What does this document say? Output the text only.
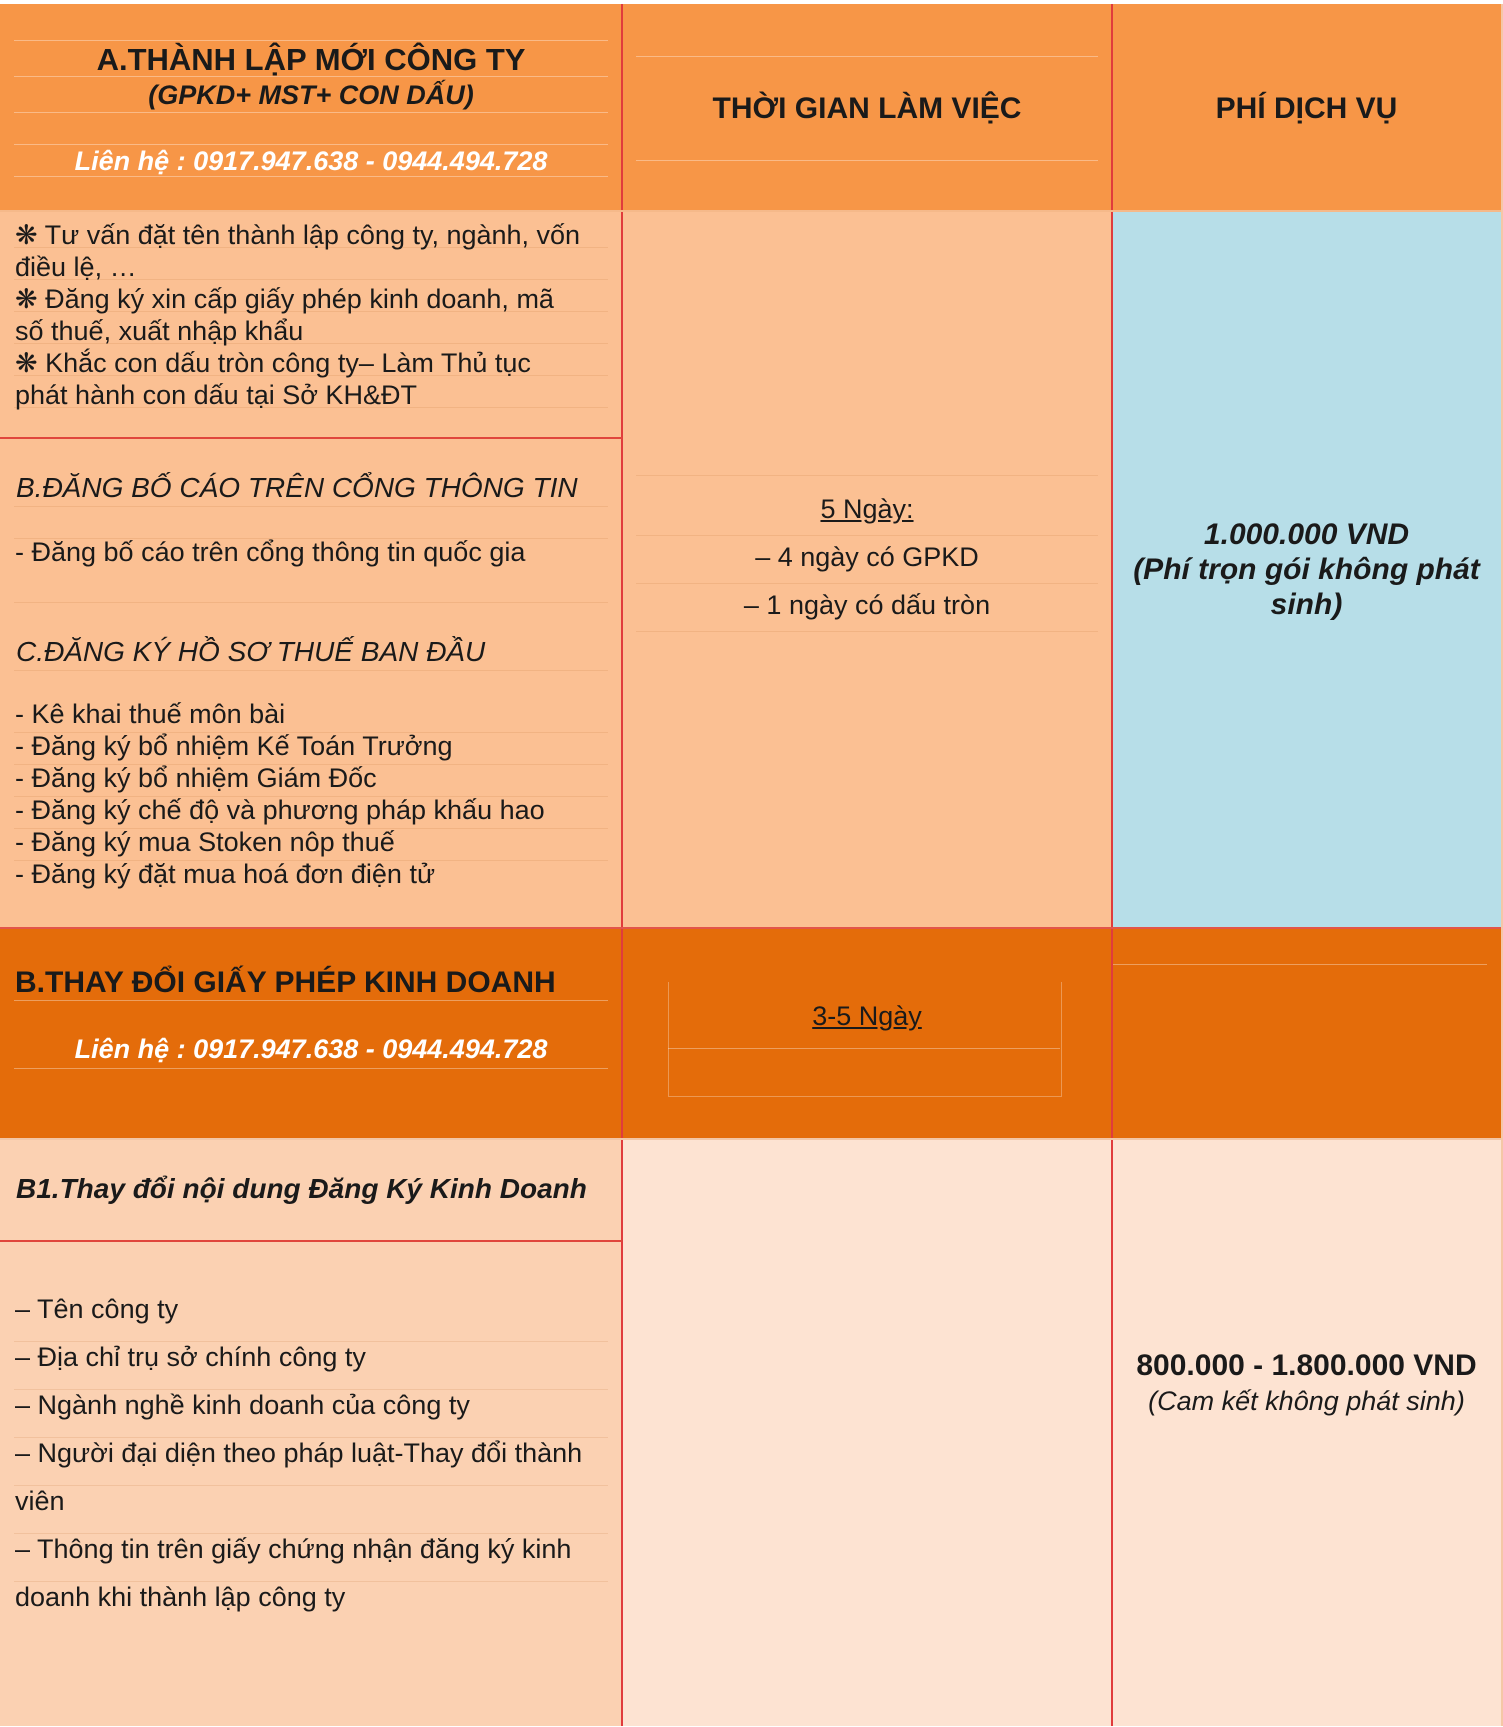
A.THÀNH LẬP MỚI CÔNG TY
(GPKD+ MST+ CON DẤU)
Liên hệ : 0917.947.638 - 0944.494.728
THỜI GIAN LÀM VIỆC	PHÍ DỊCH VỤ
❋ Tư vấn đặt tên thành lập công ty, ngành, vốn
điều lệ, …
❋ Đăng ký xin cấp giấy phép kinh doanh, mã
số thuế, xuất nhập khẩu
❋ Khắc con dấu tròn công ty– Làm Thủ tục
phát hành con dấu tại Sở KH&ĐT
B.ĐĂNG BỐ CÁO TRÊN CỔNG THÔNG TIN
- Đăng bố cáo trên cổng thông tin quốc gia
C.ĐĂNG KÝ HỒ SƠ THUẾ BAN ĐẦU
- Kê khai thuế môn bài
- Đăng ký bổ nhiệm Kế Toán Trưởng
- Đăng ký bổ nhiệm Giám Đốc
- Đăng ký chế độ và phương pháp khấu hao
- Đăng ký mua Stoken nôp thuế
- Đăng ký đặt mua hoá đơn điện tử
5 Ngày:
– 4 ngày có GPKD
– 1 ngày có dấu tròn
1.000.000 VND
(Phí trọn gói không phát sinh)
B.THAY ĐỔI GIẤY PHÉP KINH DOANH
Liên hệ : 0917.947.638 - 0944.494.728
3-5 Ngày
B1.Thay đổi nội dung Đăng Ký Kinh Doanh
– Tên công ty
– Địa chỉ trụ sở chính công ty
– Ngành nghề kinh doanh của công ty
– Người đại diện theo pháp luật-Thay đổi thành
viên
– Thông tin trên giấy chứng nhận đăng ký kinh
doanh khi thành lập công ty
800.000 - 1.800.000 VND
(Cam kết không phát sinh)
